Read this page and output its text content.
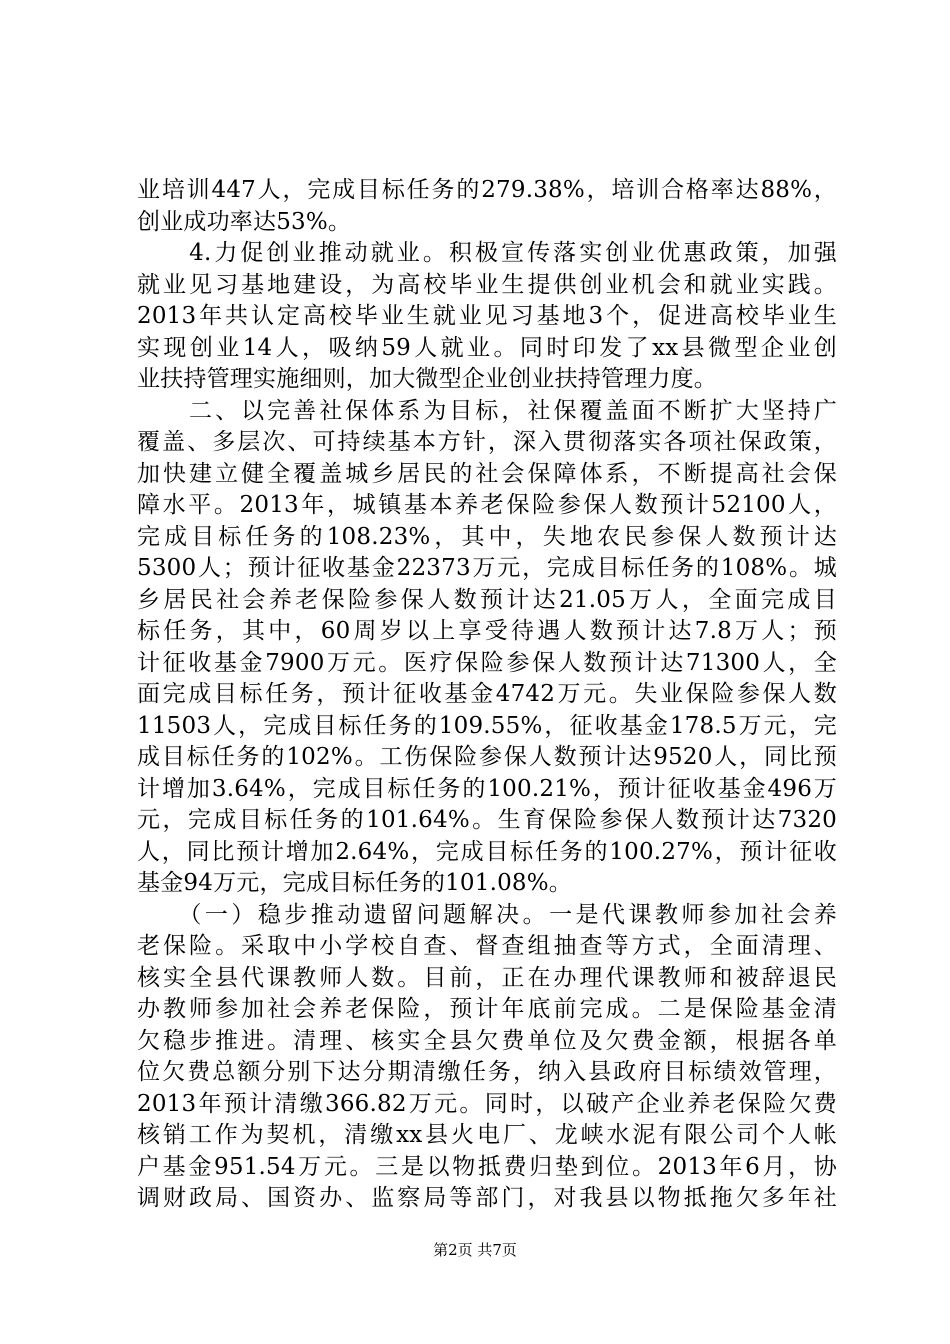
业培训447人，完成目标任务的279.38%，培训合格率达88%，
创业成功率达53%。
　　4.力促创业推动就业。积极宣传落实创业优惠政策，加强
就业见习基地建设，为高校毕业生提供创业机会和就业实践。
2013年共认定高校毕业生就业见习基地3个，促进高校毕业生
实现创业14人，吸纳59人就业。同时印发了xx县微型企业创
业扶持管理实施细则，加大微型企业创业扶持管理力度。
　　二、以完善社保体系为目标，社保覆盖面不断扩大坚持广
覆盖、多层次、可持续基本方针，深入贯彻落实各项社保政策，
加快建立健全覆盖城乡居民的社会保障体系，不断提高社会保
障水平。2013年，城镇基本养老保险参保人数预计52100人，
完成目标任务的108.23%，其中，失地农民参保人数预计达
5300人；预计征收基金22373万元，完成目标任务的108%。城
乡居民社会养老保险参保人数预计达21.05万人，全面完成目
标任务，其中，60周岁以上享受待遇人数预计达7.8万人；预
计征收基金7900万元。医疗保险参保人数预计达71300人，全
面完成目标任务，预计征收基金4742万元。失业保险参保人数
11503人，完成目标任务的109.55%，征收基金178.5万元，完
成目标任务的102%。工伤保险参保人数预计达9520人，同比预
计增加3.64%，完成目标任务的100.21%，预计征收基金496万
元，完成目标任务的101.64%。生育保险参保人数预计达7320
人，同比预计增加2.64%，完成目标任务的100.27%，预计征收
基金94万元，完成目标任务的101.08%。
　　（一）稳步推动遗留问题解决。一是代课教师参加社会养
老保险。采取中小学校自查、督查组抽查等方式，全面清理、
核实全县代课教师人数。目前，正在办理代课教师和被辞退民
办教师参加社会养老保险，预计年底前完成。二是保险基金清
欠稳步推进。清理、核实全县欠费单位及欠费金额，根据各单
位欠费总额分别下达分期清缴任务，纳入县政府目标绩效管理，
2013年预计清缴366.82万元。同时，以破产企业养老保险欠费
核销工作为契机，清缴xx县火电厂、龙峡水泥有限公司个人帐
户基金951.54万元。三是以物抵费归垫到位。2013年6月，协
调财政局、国资办、监察局等部门，对我县以物抵拖欠多年社
第2页 共7页
